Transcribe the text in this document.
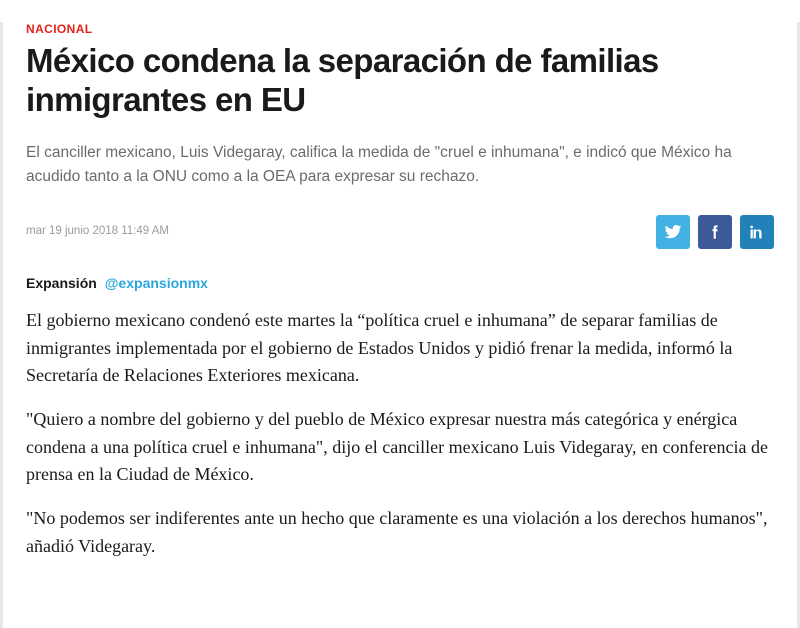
NACIONAL
México condena la separación de familias inmigrantes en EU
El canciller mexicano, Luis Videgaray, califica la medida de "cruel e inhumana", e indicó que México ha acudido tanto a la ONU como a la OEA para expresar su rechazo.
mar 19 junio 2018 11:49 AM
Expansión @expansionmx

El gobierno mexicano condenó este martes la “política cruel e inhumana” de separar familias de inmigrantes implementada por el gobierno de Estados Unidos y pidió frenar la medida, informó la Secretaría de Relaciones Exteriores mexicana.

"Quiero a nombre del gobierno y del pueblo de México expresar nuestra más categórica y enérgica condena a una política cruel e inhumana", dijo el canciller mexicano Luis Videgaray, en conferencia de prensa en la Ciudad de México.

"No podemos ser indiferentes ante un hecho que claramente es una violación a los derechos humanos", añadió Videgaray.
